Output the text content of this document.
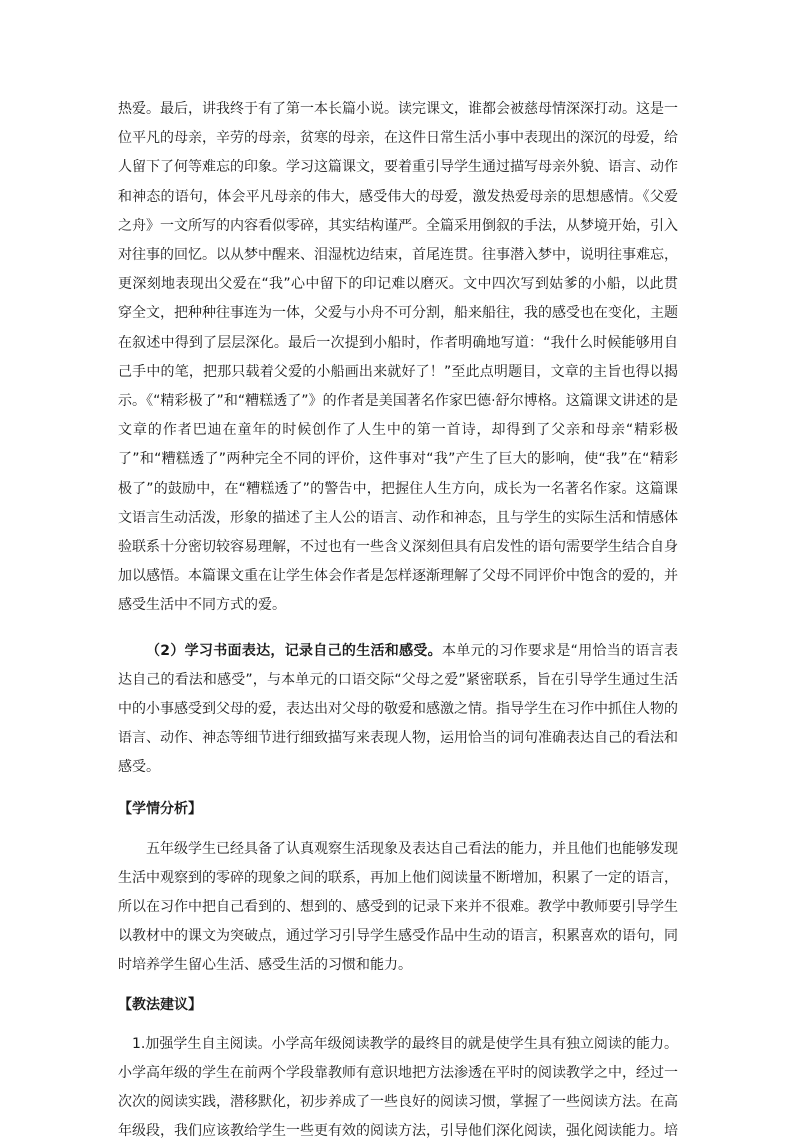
热爱。最后，讲我终于有了第一本长篇小说。读完课文，谁都会被慈母情深深打动。这是一位平凡的母亲，辛劳的母亲，贫寒的母亲，在这件日常生活小事中表现出的深沉的母爱，给人留下了何等难忘的印象。学习这篇课文，要着重引导学生通过描写母亲外貌、语言、动作和神态的语句，体会平凡母亲的伟大，感受伟大的母爱，激发热爱母亲的思想感情。《父爱之舟》一文所写的内容看似零碎，其实结构谨严。全篇采用倒叙的手法，从梦境开始，引入对往事的回忆。以从梦中醒来、泪湿枕边结束，首尾连贯。往事潜入梦中，说明往事难忘，更深刻地表现出父爱在“我”心中留下的印记难以磨灭。文中四次写到姑爹的小船，以此贯穿全文，把种种往事连为一体，父爱与小舟不可分割，船来船往，我的感受也在变化，主题在叙述中得到了层层深化。最后一次提到小船时，作者明确地写道：“我什么时候能够用自己手中的笔，把那只载着父爱的小船画出来就好了！”至此点明题目，文章的主旨也得以揭示。《“精彩极了”和“糟糕透了”》的作者是美国著名作家巴德·舒尔博格。这篇课文讲述的是文章的作者巴迪在童年的时候创作了人生中的第一首诗，却得到了父亲和母亲“精彩极了”和“糟糕透了”两种完全不同的评价，这件事对“我”产生了巨大的影响，使“我”在“精彩极了”的鼓励中，在“糟糕透了”的警告中，把握住人生方向，成长为一名著名作家。这篇课文语言生动活泼，形象的描述了主人公的语言、动作和神态，且与学生的实际生活和情感体验联系十分密切较容易理解，不过也有一些含义深刻但具有启发性的语句需要学生结合自身加以感悟。本篇课文重在让学生体会作者是怎样逐渐理解了父母不同评价中饱含的爱的，并感受生活中不同方式的爱。

（2）学习书面表达，记录自己的生活和感受。本单元的习作要求是“用恰当的语言表达自己的看法和感受”，与本单元的口语交际“父母之爱”紧密联系，旨在引导学生通过生活中的小事感受到父母的爱，表达出对父母的敬爱和感激之情。指导学生在习作中抓住人物的语言、动作、神态等细节进行细致描写来表现人物，运用恰当的词句准确表达自己的看法和感受。

【学情分析】

五年级学生已经具备了认真观察生活现象及表达自己看法的能力，并且他们也能够发现生活中观察到的零碎的现象之间的联系，再加上他们阅读量不断增加，积累了一定的语言，所以在习作中把自己看到的、想到的、感受到的记录下来并不很难。教学中教师要引导学生以教材中的课文为突破点，通过学习引导学生感受作品中生动的语言，积累喜欢的语句，同时培养学生留心生活、感受生活的习惯和能力。

【教法建议】

1.加强学生自主阅读。小学高年级阅读教学的最终目的就是使学生具有独立阅读的能力。小学高年级的学生在前两个学段靠教师有意识地把方法渗透在平时的阅读教学之中，经过一次次的阅读实践，潜移默化，初步养成了一些良好的阅读习惯，掌握了一些阅读方法。在高年级段，我们应该教给学生一些更有效的阅读方法，引导他们深化阅读，强化阅读能力。培
